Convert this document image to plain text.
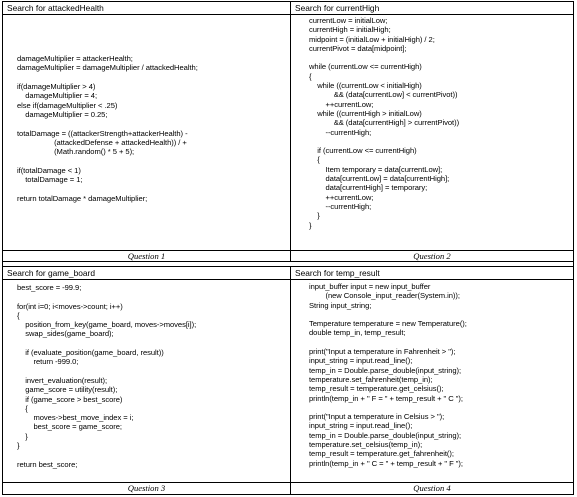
Search for attackedHealth

damageMultiplier = attackerHealth;
damageMultiplier = damageMultiplier / attackedHealth;

if(damageMultiplier > 4)
damageMultiplier = 4;
else if(damageMultiplier < .25)
damageMultiplier = 0.25;

totalDamage = ((attackerStrength+attackerHealth) -
(attackedDefense + attackedHealth)) / +
(Math.random() * 5 + 5);

if(totalDamage < 1)
totalDamage = 1;

return totalDamage * damageMultiplier;
Question 1
Search for currentHigh
currentLow = initialLow;
currentHigh = initialHigh;
midpoint = (initialLow + initialHigh) / 2;
currentPivot = data[midpoint];

while (currentLow <= currentHigh)
{
while ((currentLow < initialHigh)
&& (data[currentLow] < currentPivot))
++currentLow;
while ((currentHigh > initialLow)
&& (data[currentHigh] > currentPivot))
--currentHigh;

if (currentLow <= currentHigh)
{
Item temporary = data[currentLow];
data[currentLow] = data[currentHigh];
data[currentHigh] = temporary;
++currentLow;
--currentHigh;
}
}
Question 2
Search for game_board
best_score = -99.9;

for(int i=0; i<moves->count; i++)
{
position_from_key(game_board, moves->moves[i]);
swap_sides(game_board);

if (evaluate_position(game_board, result))
return -999.0;

invert_evaluation(result);
game_score = utility(result);
if (game_score > best_score)
{
moves->best_move_index = i;
best_score = game_score;
}
}

return best_score;
Question 3
Search for temp_result
input_buffer input = new input_buffer
(new Console_input_reader(System.in));
String input_string;

Temperature temperature = new Temperature();
double temp_in, temp_result;

print("Input a temperature in Fahrenheit > ");
input_string = input.read_line();
temp_in = Double.parse_double(input_string);
temperature.set_fahrenheit(temp_in);
temp_result = temperature.get_celsius();
println(temp_in + " F = " + temp_result + " C ");

print("Input a temperature in Celsius > ");
input_string = input.read_line();
temp_in = Double.parse_double(input_string);
temperature.set_celsius(temp_in);
temp_result = temperature.get_fahrenheit();
println(temp_in + " C = " + temp_result + " F ");
Question 4
